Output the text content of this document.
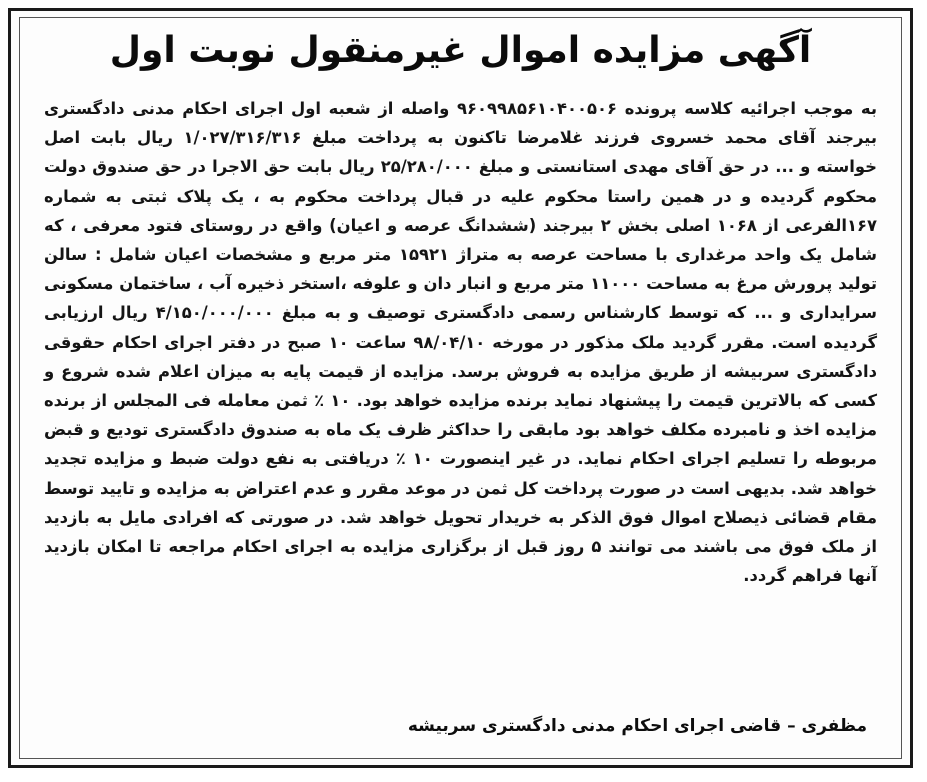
آگهی مزایده اموال غیرمنقول نوبت اول
به موجب اجرائیه کلاسه پرونده ۹۶۰۹۹۸۵۶۱۰۴۰۰۵۰۶ واصله از شعبه اول اجرای احکام مدنی دادگستری بیرجند آقای محمد خسروی فرزند غلامرضا تاکنون به پرداخت مبلغ ۱/۰۲۷/۳۱۶/۳۱۶ ریال بابت اصل خواسته و ... در حق آقای مهدی استانستی و مبلغ ۲۵/۲۸۰/۰۰۰ ریال بابت حق الاجرا در حق صندوق دولت محکوم گردیده و در همین راستا محکوم علیه در قبال پرداخت محکوم به ، یک پلاک ثبتی به شماره ۱۶۷الفرعی از ۱۰۶۸ اصلی بخش ۲ بیرجند (ششدانگ عرصه و اعیان) واقع در روستای فتود معرفی ، که شامل یک واحد مرغداری با مساحت عرصه به متراژ ۱۵۹۲۱ متر مربع و مشخصات اعیان شامل : سالن تولید پرورش مرغ به مساحت ۱۱۰۰۰ متر مربع و انبار دان و علوفه ،استخر ذخیره آب ، ساختمان مسکونی سرایداری و ... که توسط کارشناس رسمی دادگستری توصیف و به مبلغ ۴/۱۵۰/۰۰۰/۰۰۰ ریال ارزیابی گردیده است. مقرر گردید ملک مذکور در مورخه ۹۸/۰۴/۱۰ ساعت ۱۰ صبح در دفتر اجرای احکام حقوقی دادگستری سربیشه از طریق مزایده به فروش برسد. مزایده از قیمت پایه به میزان اعلام شده شروع و کسی که بالاترین قیمت را پیشنهاد نماید برنده مزایده خواهد بود. ۱۰ ٪ ثمن معامله فی المجلس از برنده مزایده اخذ و نامبرده مکلف خواهد بود مابقی را حداکثر ظرف یک ماه به صندوق دادگستری تودیع و قبض مربوطه را تسلیم اجرای احکام نماید. در غیر اینصورت ۱۰ ٪ دریافتی به نفع دولت ضبط و مزایده تجدید خواهد شد. بدیهی است در صورت پرداخت کل ثمن در موعد مقرر و عدم اعتراض به مزایده و تایید توسط مقام قضائی ذیصلاح اموال فوق الذکر به خریدار تحویل خواهد شد. در صورتی که افرادی مایل به بازدید از ملک فوق می باشند می توانند ۵ روز قبل از برگزاری مزایده به اجرای احکام مراجعه تا امکان بازدید آنها فراهم گردد.
مظفری – قاضی اجرای احکام مدنی دادگستری سربیشه
